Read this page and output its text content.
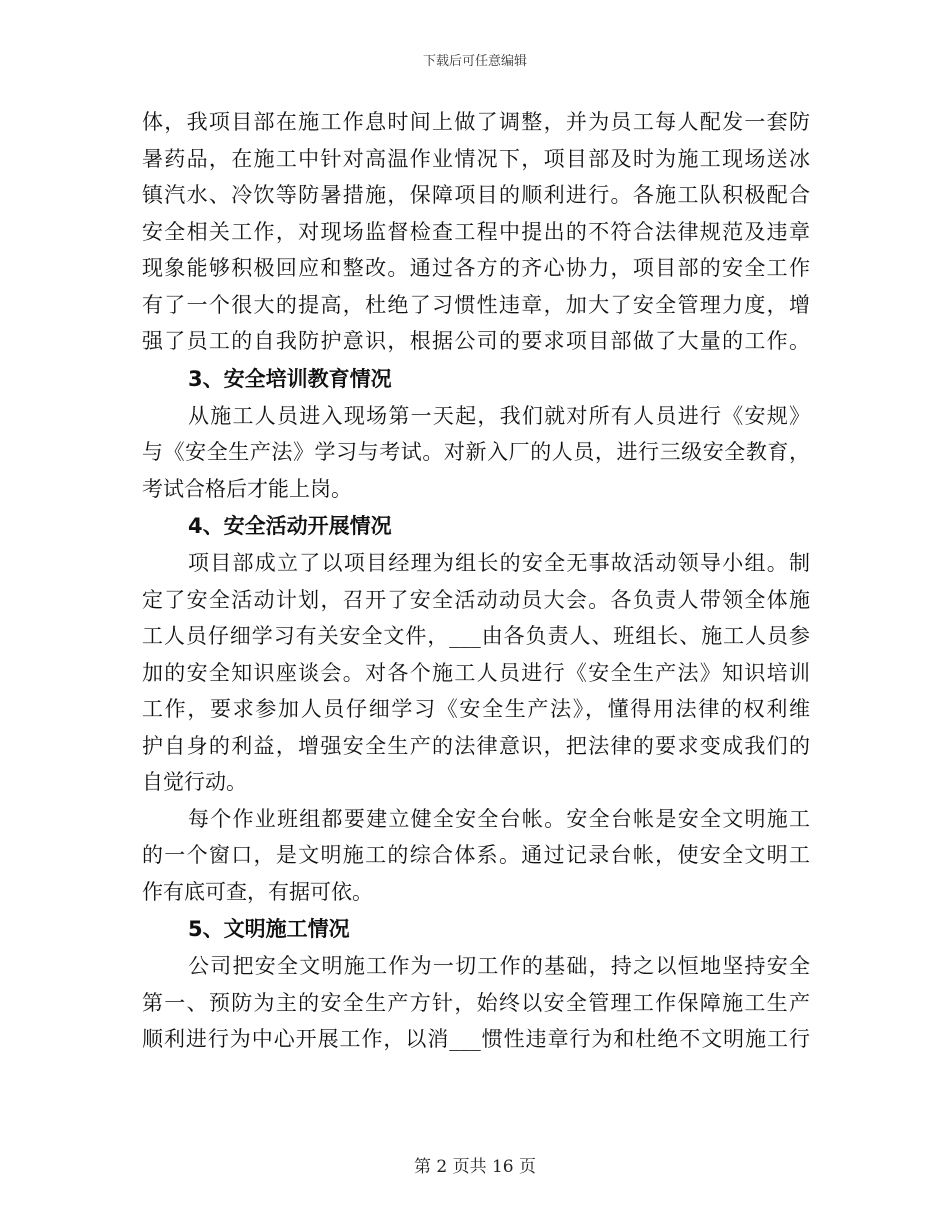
下载后可任意编辑
体，我项目部在施工作息时间上做了调整，并为员工每人配发一套防
暑药品，在施工中针对高温作业情况下，项目部及时为施工现场送冰
镇汽水、冷饮等防暑措施，保障项目的顺利进行。各施工队积极配合
安全相关工作，对现场监督检查工程中提出的不符合法律规范及违章
现象能够积极回应和整改。通过各方的齐心协力，项目部的安全工作
有了一个很大的提高，杜绝了习惯性违章，加大了安全管理力度，增
强了员工的自我防护意识，根据公司的要求项目部做了大量的工作。
3、安全培训教育情况
从施工人员进入现场第一天起，我们就对所有人员进行《安规》
与《安全生产法》学习与考试。对新入厂的人员，进行三级安全教育，
考试合格后才能上岗。
4、安全活动开展情况
项目部成立了以项目经理为组长的安全无事故活动领导小组。制
定了安全活动计划，召开了安全活动动员大会。各负责人带领全体施
工人员仔细学习有关安全文件，___由各负责人、班组长、施工人员参
加的安全知识座谈会。对各个施工人员进行《安全生产法》知识培训
工作，要求参加人员仔细学习《安全生产法》，懂得用法律的权利维
护自身的利益，增强安全生产的法律意识，把法律的要求变成我们的
自觉行动。
每个作业班组都要建立健全安全台帐。安全台帐是安全文明施工
的一个窗口，是文明施工的综合体系。通过记录台帐，使安全文明工
作有底可查，有据可依。
5、文明施工情况
公司把安全文明施工作为一切工作的基础，持之以恒地坚持安全
第一、预防为主的安全生产方针，始终以安全管理工作保障施工生产
顺利进行为中心开展工作，以消___惯性违章行为和杜绝不文明施工行
第 2 页共 16 页
